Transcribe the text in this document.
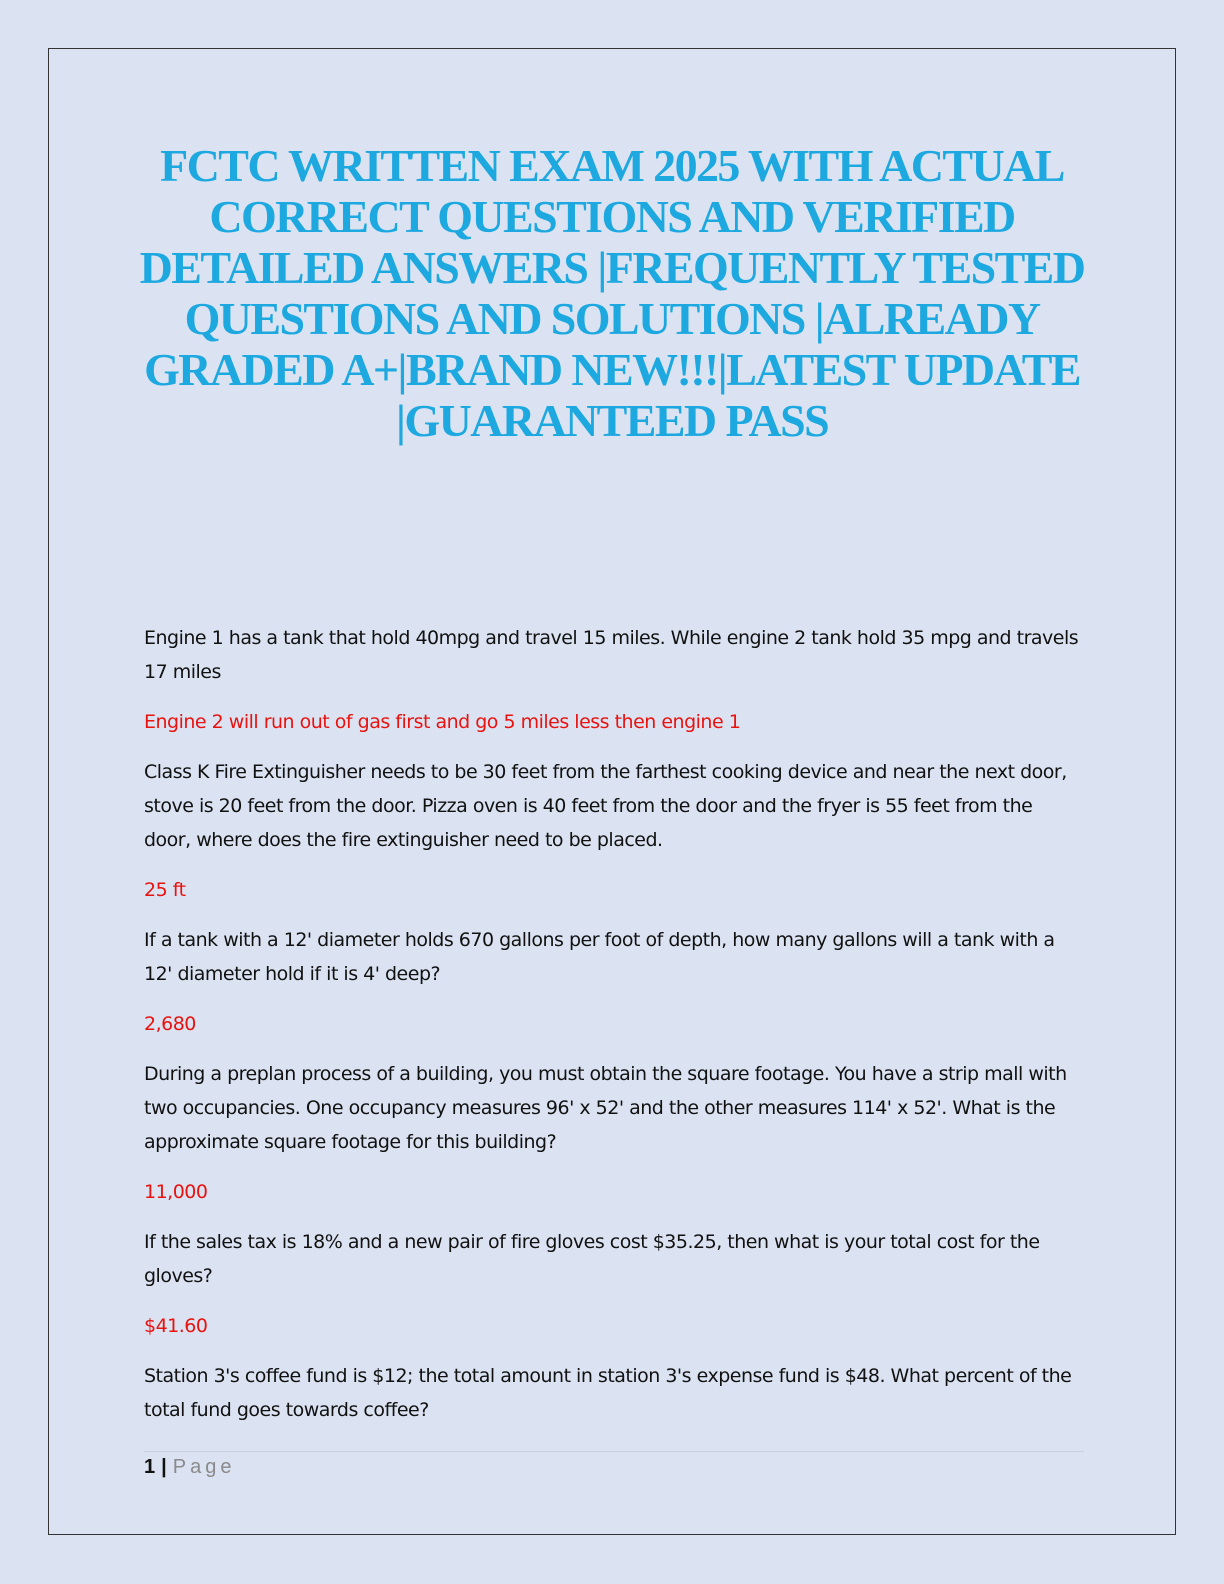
FCTC WRITTEN EXAM 2025 WITH ACTUAL CORRECT QUESTIONS AND VERIFIED DETAILED ANSWERS |FREQUENTLY TESTED QUESTIONS AND SOLUTIONS |ALREADY GRADED A+|BRAND NEW!!!|LATEST UPDATE |GUARANTEED PASS

Engine 1 has a tank that hold 40mpg and travel 15 miles. While engine 2 tank hold 35 mpg and travels 17 miles

Engine 2 will run out of gas first and go 5 miles less then engine 1

Class K Fire Extinguisher needs to be 30 feet from the farthest cooking device and near the next door, stove is 20 feet from the door. Pizza oven is 40 feet from the door and the fryer is 55 feet from the door, where does the fire extinguisher need to be placed.

25 ft

If a tank with a 12' diameter holds 670 gallons per foot of depth, how many gallons will a tank with a 12' diameter hold if it is 4' deep?

2,680

During a preplan process of a building, you must obtain the square footage. You have a strip mall with two occupancies. One occupancy measures 96' x 52' and the other measures 114' x 52'. What is the approximate square footage for this building?

11,000

If the sales tax is 18% and a new pair of fire gloves cost $35.25, then what is your total cost for the gloves?

$41.60

Station 3's coffee fund is $12; the total amount in station 3's expense fund is $48. What percent of the total fund goes towards coffee?

1 | Page
